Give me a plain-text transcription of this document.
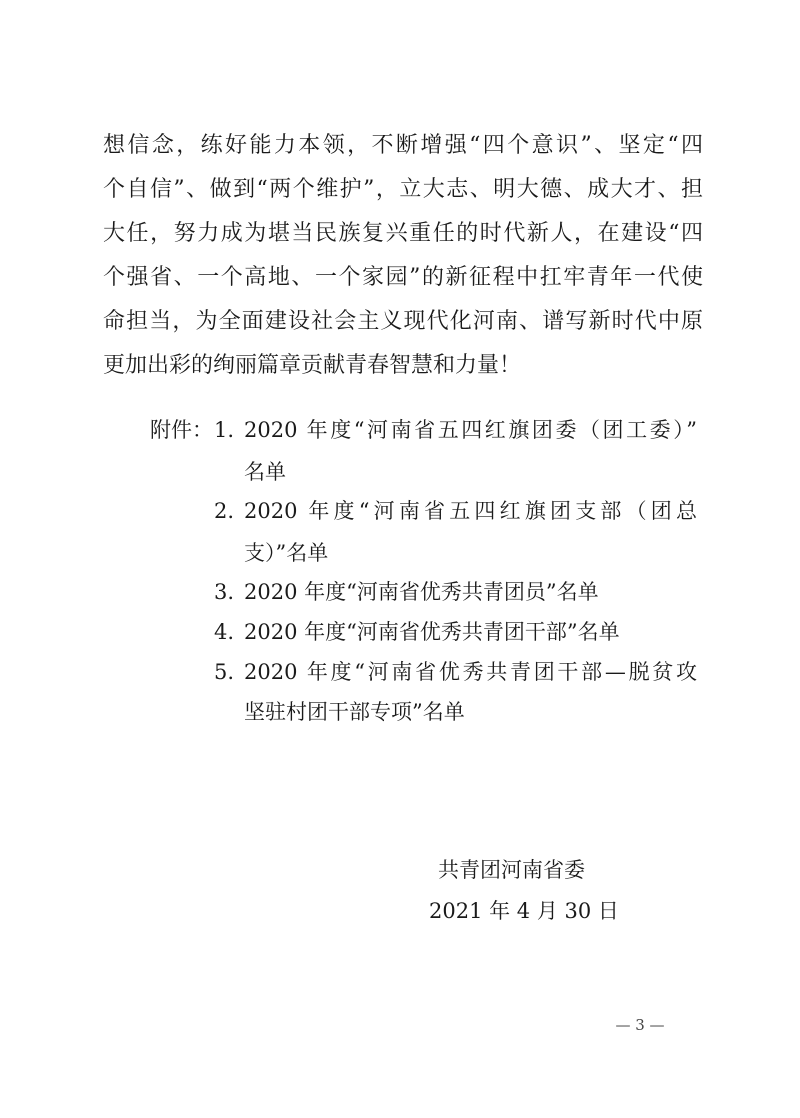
想信念，练好能力本领，不断增强“四个意识”、坚定“四
个自信”、做到“两个维护”，立大志、明大德、成大才、担
大任，努力成为堪当民族复兴重任的时代新人，在建设“四
个强省、一个高地、一个家园”的新征程中扛牢青年一代使
命担当，为全面建设社会主义现代化河南、谱写新时代中原
更加出彩的绚丽篇章贡献青春智慧和力量！
附件： 1. 2020 年度“河南省五四红旗团委（团工委）”
名单
2. 2020 年度“河南省五四红旗团支部（团总
支）”名单
3. 2020 年度“河南省优秀共青团员”名单
4. 2020 年度“河南省优秀共青团干部”名单
5. 2020 年度“河南省优秀共青团干部—脱贫攻
坚驻村团干部专项”名单
共青团河南省委
2021 年 4 月 30 日
— 3 —
